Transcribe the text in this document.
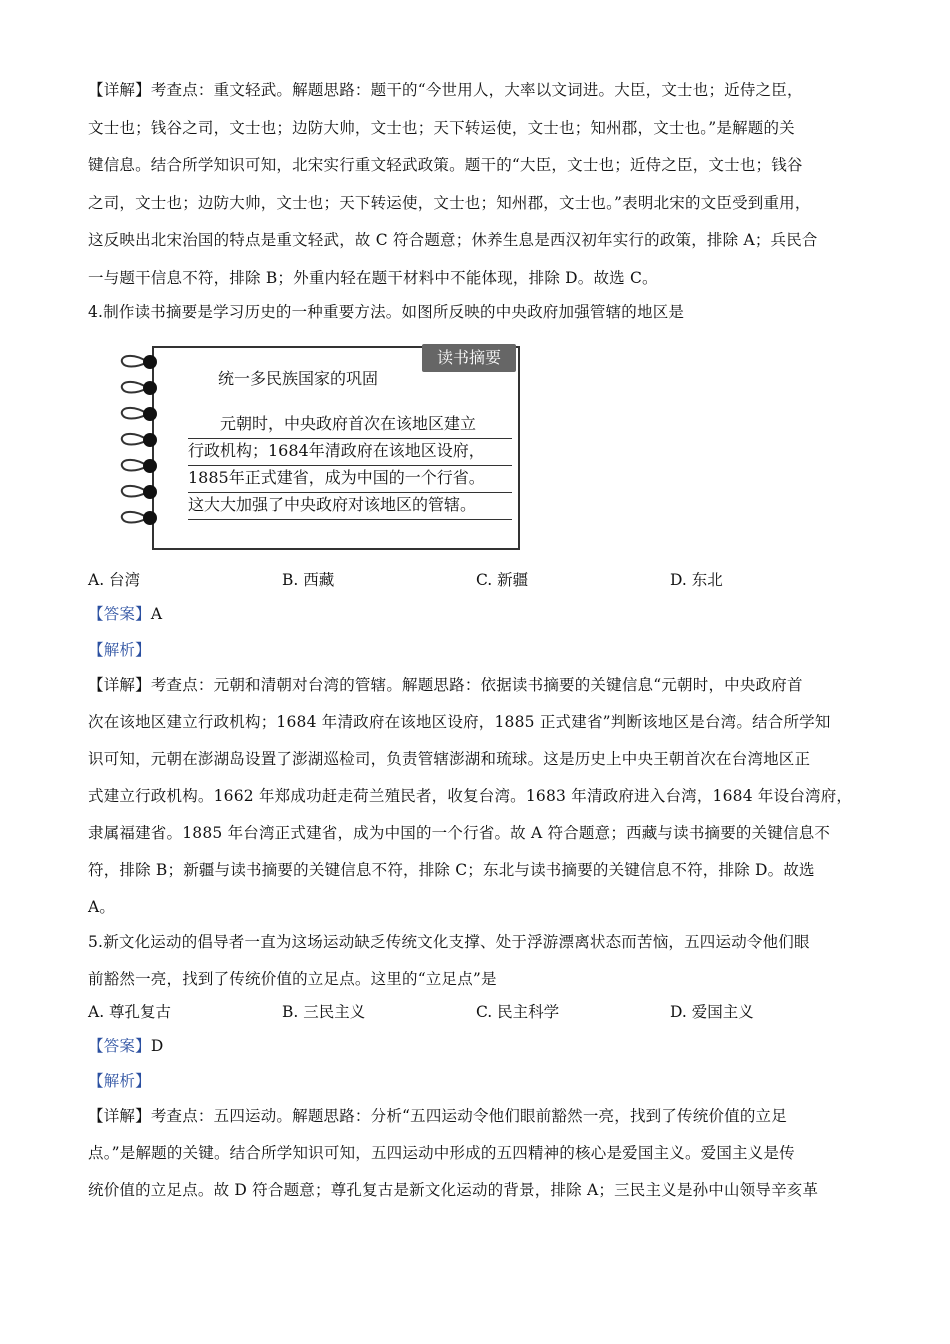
【详解】考查点：重文轻武。解题思路：题干的“今世用人，大率以文词进。大臣，文士也；近侍之臣，
文士也；钱谷之司，文士也；边防大帅，文士也；天下转运使，文士也；知州郡，文士也。”是解题的关
键信息。结合所学知识可知，北宋实行重文轻武政策。题干的“大臣，文士也；近侍之臣，文士也；钱谷
之司，文士也；边防大帅，文士也；天下转运使，文士也；知州郡，文士也。”表明北宋的文臣受到重用，
这反映出北宋治国的特点是重文轻武，故 C 符合题意；休养生息是西汉初年实行的政策，排除 A；兵民合
一与题干信息不符，排除 B；外重内轻在题干材料中不能体现，排除 D。故选 C。
4.制作读书摘要是学习历史的一种重要方法。如图所反映的中央政府加强管辖的地区是
统一多民族国家的巩固
读书摘要
　　元朝时，中央政府首次在该地区建立
行政机构；1684年清政府在该地区设府，
1885年正式建省，成为中国的一个行省。
这大大加强了中央政府对该地区的管辖。
A. 台湾	B. 西藏	C. 新疆	D. 东北
【答案】A
【解析】
【详解】考查点：元朝和清朝对台湾的管辖。解题思路：依据读书摘要的关键信息“元朝时，中央政府首
次在该地区建立行政机构；1684 年清政府在该地区设府，1885 正式建省”判断该地区是台湾。结合所学知
识可知，元朝在澎湖岛设置了澎湖巡检司，负责管辖澎湖和琉球。这是历史上中央王朝首次在台湾地区正
式建立行政机构。1662 年郑成功赶走荷兰殖民者，收复台湾。1683 年清政府进入台湾，1684 年设台湾府，
隶属福建省。1885 年台湾正式建省，成为中国的一个行省。故 A 符合题意；西藏与读书摘要的关键信息不
符，排除 B；新疆与读书摘要的关键信息不符，排除 C；东北与读书摘要的关键信息不符，排除 D。故选
A。
5.新文化运动的倡导者一直为这场运动缺乏传统文化支撑、处于浮游漂离状态而苦恼，五四运动令他们眼
前豁然一亮，找到了传统价值的立足点。这里的“立足点”是
A. 尊孔复古	B. 三民主义	C. 民主科学	D. 爱国主义
【答案】D
【解析】
【详解】考查点：五四运动。解题思路：分析“五四运动令他们眼前豁然一亮，找到了传统价值的立足
点。”是解题的关键。结合所学知识可知，五四运动中形成的五四精神的核心是爱国主义。爱国主义是传
统价值的立足点。故 D 符合题意；尊孔复古是新文化运动的背景，排除 A；三民主义是孙中山领导辛亥革
